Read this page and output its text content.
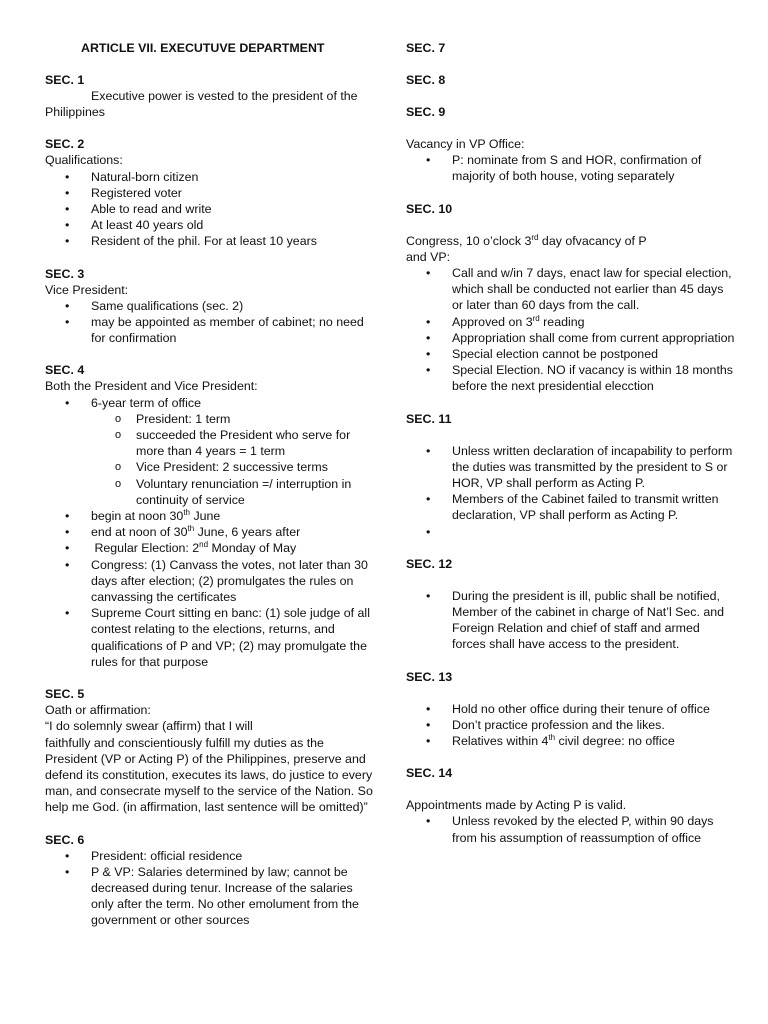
ARTICLE VII. EXECUTUVE DEPARTMENT
SEC. 1
Executive power is vested to the president of the Philippines
SEC. 2
Qualifications:
• Natural-born citizen
• Registered voter
• Able to read and write
• At least 40 years old
• Resident of the phil. For at least 10 years
SEC. 3
Vice President:
• Same qualifications (sec. 2)
• may be appointed as member of cabinet; no need for confirmation
SEC. 4
Both the President and Vice President:
• 6-year term of office
o President: 1 term
o succeeded the President who serve for more than 4 years = 1 term
o Vice President: 2 successive terms
o Voluntary renunciation =/ interruption in continuity of service
• begin at noon 30th June
• end at noon of 30th June, 6 years after
•  Regular Election: 2nd Monday of May
• Congress: (1) Canvass the votes, not later than 30 days after election; (2) promulgates the rules on canvassing the certificates
• Supreme Court sitting en banc: (1) sole judge of all contest relating to the elections, returns, and qualifications of P and VP; (2) may promulgate the rules for that purpose
SEC. 5
Oath or affirmation:
“I do solemnly swear (affirm) that I will
faithfully and conscientiously fulfill my duties as the President (VP or Acting P) of the Philippines, preserve and defend its constitution, executes its laws, do justice to every man, and consecrate myself to the service of the Nation. So help me God. (in affirmation, last sentence will be omitted)”
SEC. 6
• President: official residence
• P & VP: Salaries determined by law; cannot be decreased during tenur. Increase of the salaries only after the term. No other emolument from the government or other sources
SEC. 7
SEC. 8
SEC. 9
Vacancy in VP Office:
• P: nominate from S and HOR, confirmation of majority of both house, voting separately
SEC. 10
Congress, 10 o’clock 3rd day ofvacancy of P
and VP:
• Call and w/in 7 days, enact law for special election, which shall be conducted not earlier than 45 days or later than 60 days from the call.
• Approved on 3rd reading
• Appropriation shall come from current appropriation
• Special election cannot be postponed
• Special Election. NO if vacancy is within 18 months before the next presidential elecction
SEC. 11
• Unless written declaration of incapability to perform the duties was transmitted by the president to S or HOR, VP shall perform as Acting P.
• Members of the Cabinet failed to transmit written declaration, VP shall perform as Acting P.
•
SEC. 12
• During the president is ill, public shall be notified, Member of the cabinet in charge of Nat’l Sec. and Foreign Relation and chief of staff and armed forces shall have access to the president.
SEC. 13
• Hold no other office during their tenure of office
• Don’t practice profession and the likes.
• Relatives within 4th civil degree: no office
SEC. 14
Appointments made by Acting P is valid.
• Unless revoked by the elected P, within 90 days from his assumption of reassumption of office
